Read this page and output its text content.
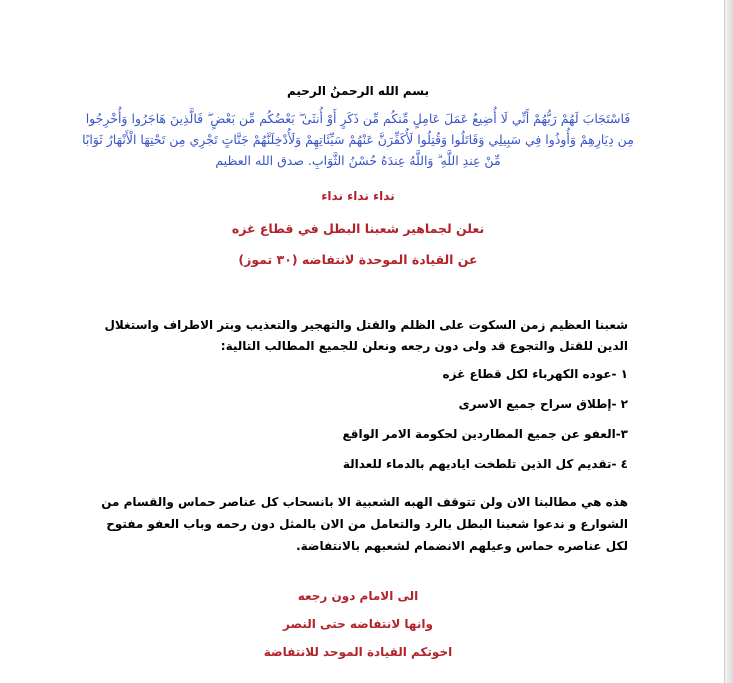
بسم الله الرحمنُ الرحيم
فَاسْتَجَابَ لَهُمْ رَبُّهُمْ أَنِّي لَا أُضِيعُ عَمَلَ عَامِلٍ مِّنكُم مِّن ذَكَرٍ أَوْ أُنثَىٰ ۖ بَعْضُكُم مِّن بَعْضٍ ۖ فَالَّذِينَ هَاجَرُوا وَأُخْرِجُوا مِن دِيَارِهِمْ وَأُوذُوا فِي سَبِيلِي وَقَاتَلُوا وَقُتِلُوا لَأُكَفِّرَنَّ عَنْهُمْ سَيِّئَاتِهِمْ وَلَأُدْخِلَنَّهُمْ جَنَّاتٍ تَجْرِي مِن تَحْتِهَا الْأَنْهَارُ ثَوَابًا مِّنْ عِندِ اللَّهِ ۗ وَاللَّهُ عِندَهُ حُسْنُ الثَّوَابِ. صدق الله العظيم
نداء نداء نداء
نعلن لجماهير شعبنا البطل في قطاع غزه
عن القيادة الموحدة لانتفاضه (٣٠ تموز)
شعبنا العظيم زمن السكوت على الظلم والقتل والتهجير والتعذيب وبتر الاطراف واستغلال الدين للقتل والتجوع قد ولى دون رجعه ونعلن للجميع المطالب التالية:
١ -عوده الكهرباء لكل قطاع غزه
٢ -إطلاق سراح جميع الاسرى
٣-العفو عن جميع المطاردين لحكومة الامر الواقع
٤ -تقديم كل الذين تلطخت اياديهم بالدماء للعدالة
هذه هي مطالبنا الان ولن تتوقف الهبه الشعبية الا بانسحاب كل عناصر حماس والقسام من الشوارع و ندعوا شعبنا البطل بالرد والتعامل من الان بالمثل دون رحمه وباب العفو مفتوح لكل عناصره حماس وعيلهم الانضمام لشعبهم بالانتفاضة.
الى الامام دون رجعه
وانها لانتفاضه حتى النصر
اخوتكم القيادة الموحد للانتفاضة
